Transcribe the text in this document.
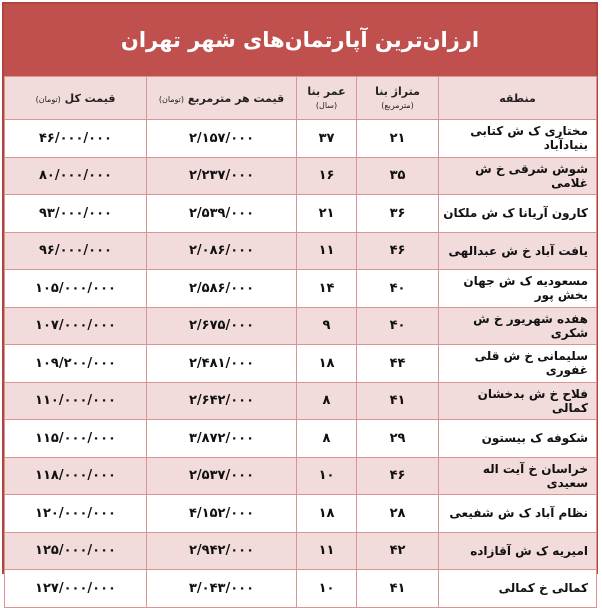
ارزان‌ترین آپارتمان‌های شهر تهران
منطقه	متراژ بنا (مترمربع)	عمر بنا (سال)	قیمت هر مترمربع (تومان)	قیمت کل (تومان)
مختاری ک ش کتابی بنیادآباد	۲۱	۳۷	۲/۱۵۷/۰۰۰	۴۶/۰۰۰/۰۰۰
شوش شرقی خ ش غلامی	۳۵	۱۶	۲/۲۳۷/۰۰۰	۸۰/۰۰۰/۰۰۰
کارون آریانا ک ش ملکان	۳۶	۲۱	۲/۵۳۹/۰۰۰	۹۳/۰۰۰/۰۰۰
یافت آباد خ ش عبدالهی	۴۶	۱۱	۲/۰۸۶/۰۰۰	۹۶/۰۰۰/۰۰۰
مسعودیه ک ش جهان بخش پور	۴۰	۱۴	۲/۵۸۶/۰۰۰	۱۰۵/۰۰۰/۰۰۰
هفده شهریور خ ش شکری	۴۰	۹	۲/۶۷۵/۰۰۰	۱۰۷/۰۰۰/۰۰۰
سلیمانی خ ش قلی غفوری	۴۴	۱۸	۲/۴۸۱/۰۰۰	۱۰۹/۲۰۰/۰۰۰
فلاح خ ش بدخشان کمالی	۴۱	۸	۲/۶۴۲/۰۰۰	۱۱۰/۰۰۰/۰۰۰
شکوفه ک بیستون	۲۹	۸	۳/۸۷۲/۰۰۰	۱۱۵/۰۰۰/۰۰۰
خراسان خ آیت اله سعیدی	۴۶	۱۰	۲/۵۳۷/۰۰۰	۱۱۸/۰۰۰/۰۰۰
نظام آباد ک ش شفیعی	۲۸	۱۸	۴/۱۵۲/۰۰۰	۱۲۰/۰۰۰/۰۰۰
امیریه ک ش آقازاده	۴۲	۱۱	۲/۹۴۲/۰۰۰	۱۲۵/۰۰۰/۰۰۰
کمالی خ کمالی	۴۱	۱۰	۳/۰۴۳/۰۰۰	۱۲۷/۰۰۰/۰۰۰
